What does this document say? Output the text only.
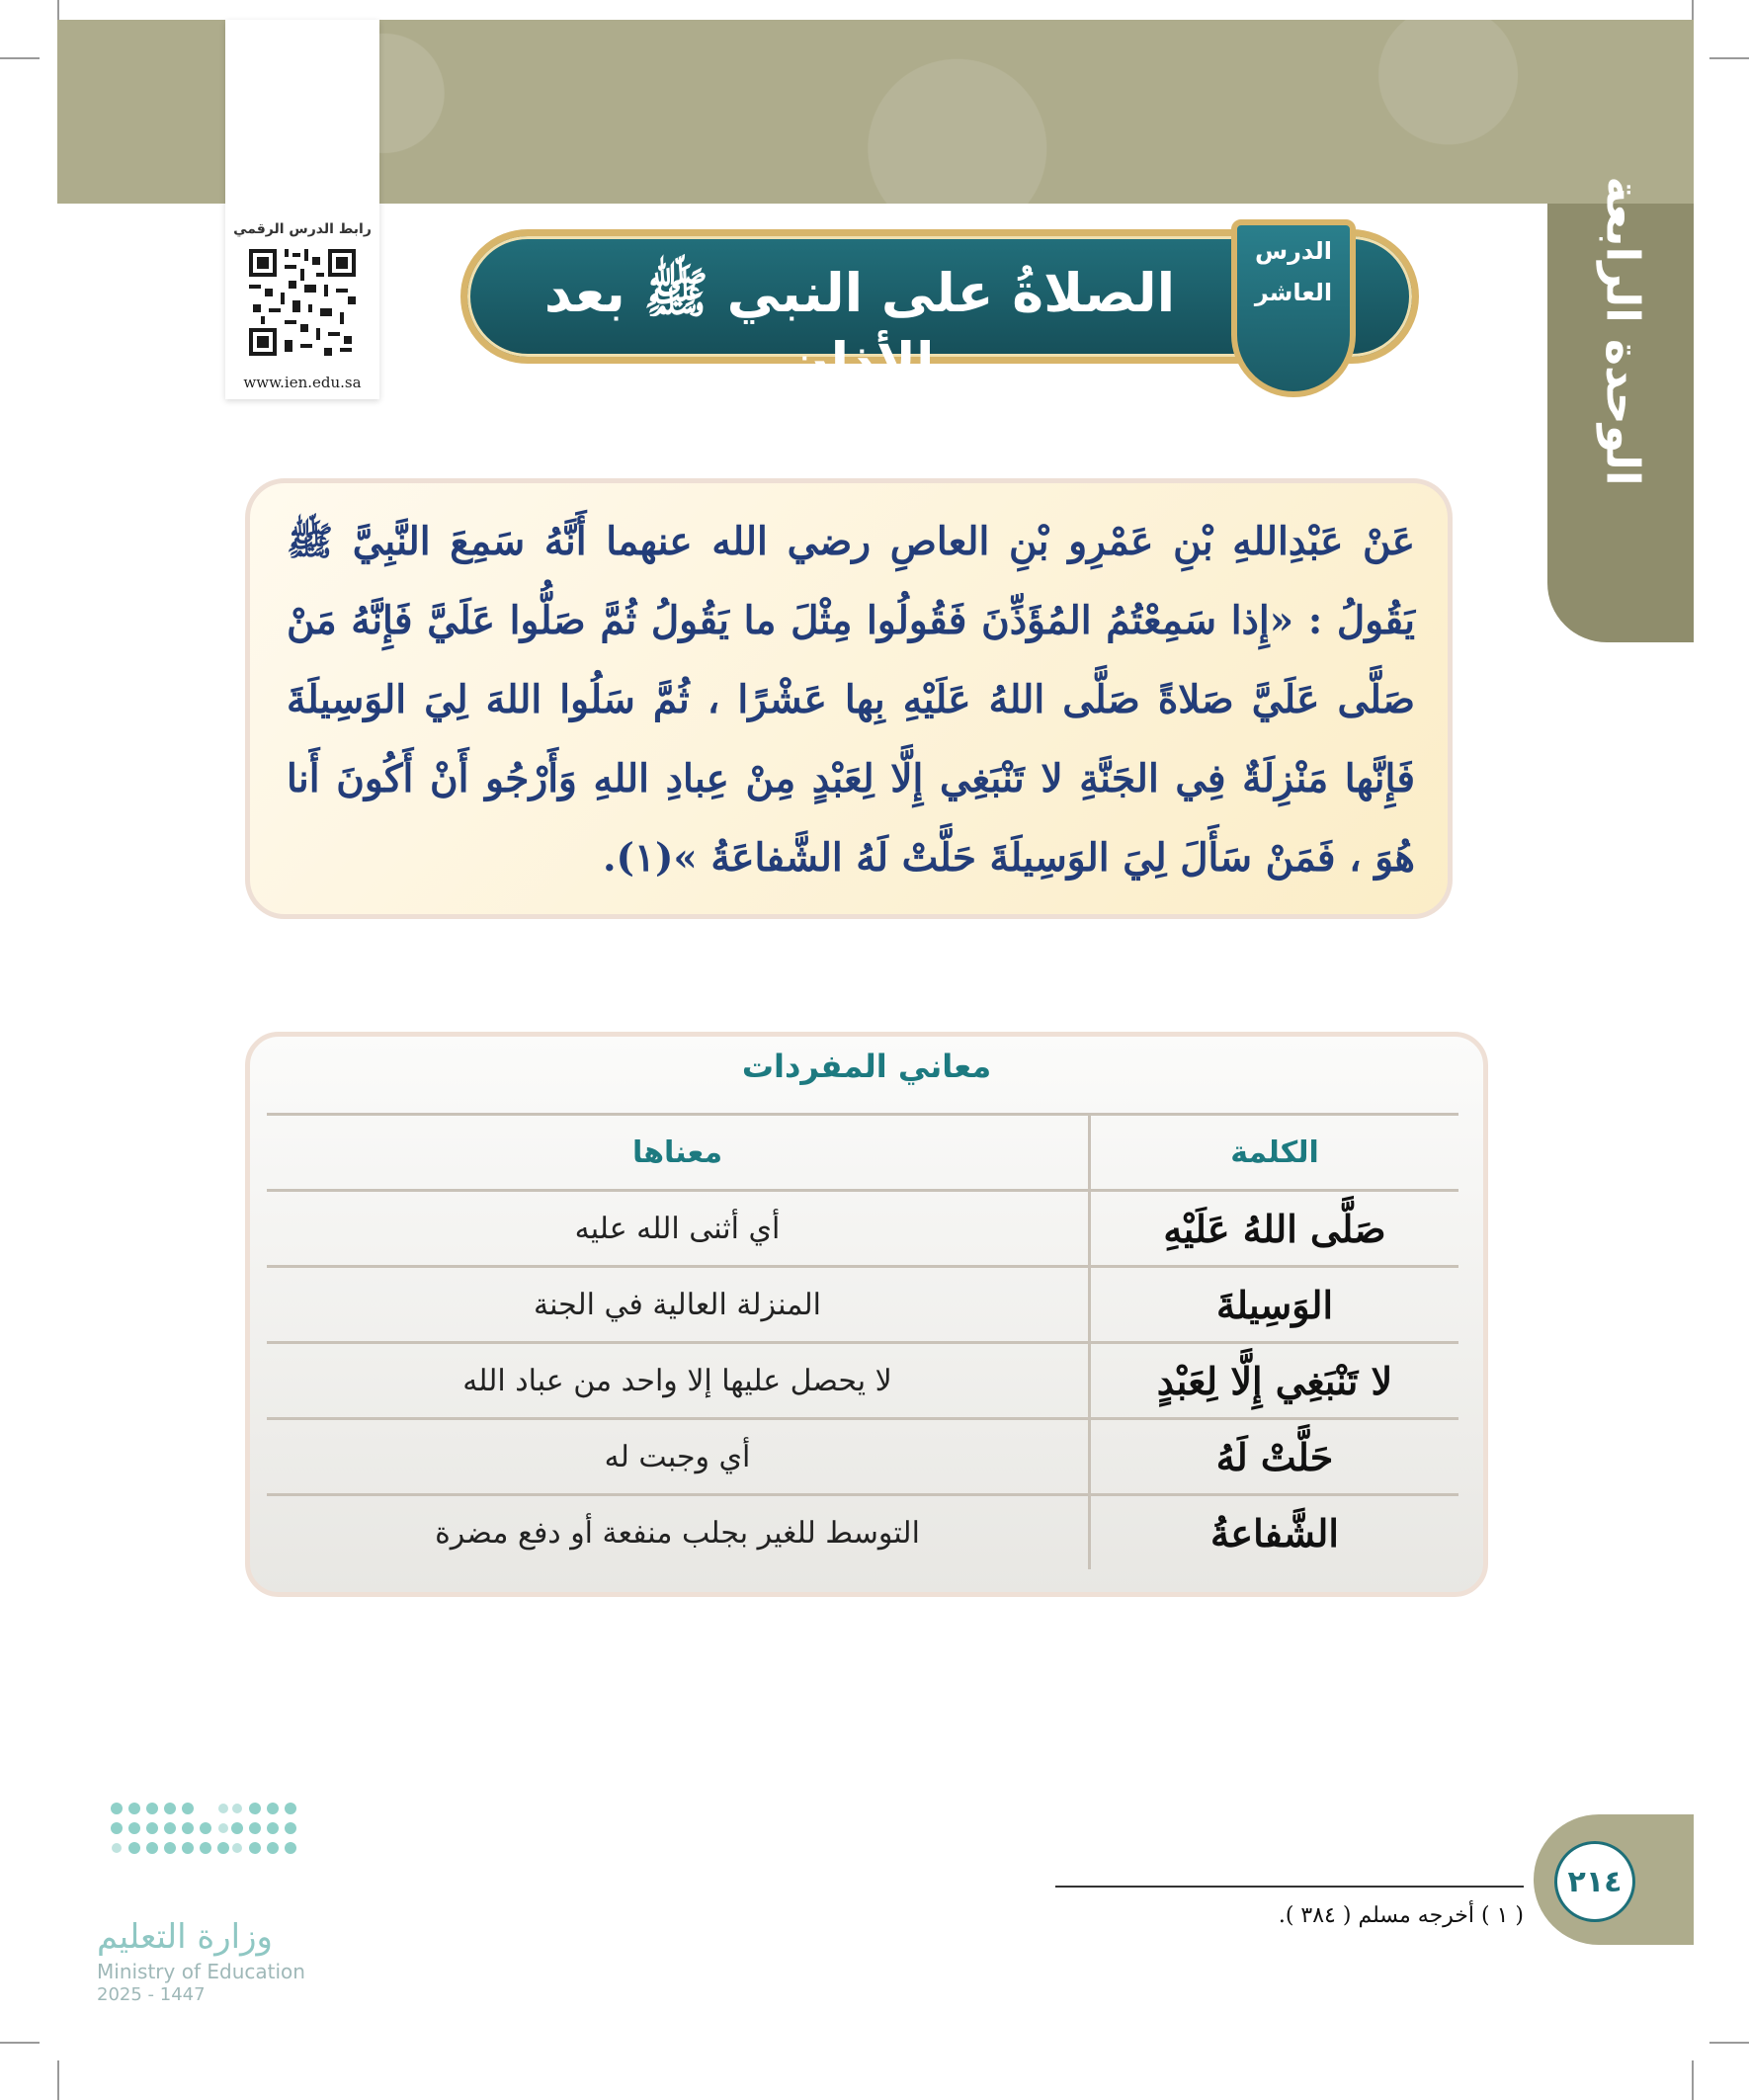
الوحدة الرابعة
رابط الدرس الرقمي
www.ien.edu.sa
الصلاةُ على النبي ﷺ بعد الأذان
الدرس
العاشر
عَنْ عَبْدِاللهِ بْنِ عَمْرِو بْنِ العاصِ رضي الله عنهما أَنَّهُ سَمِعَ النَّبِيَّ ﷺ يَقُولُ : «إِذا سَمِعْتُمُ المُؤَذِّنَ فَقُولُوا مِثْلَ ما يَقُولُ ثُمَّ صَلُّوا عَلَيَّ فَإِنَّهُ مَنْ صَلَّى عَلَيَّ صَلاةً صَلَّى اللهُ عَلَيْهِ بِها عَشْرًا ، ثُمَّ سَلُوا اللهَ لِيَ الوَسِيلَةَ فَإِنَّها مَنْزِلَةٌ فِي الجَنَّةِ لا تَنْبَغِي إِلَّا لِعَبْدٍ مِنْ عِبادِ اللهِ وَأَرْجُو أَنْ أَكُونَ أَنا هُوَ ، فَمَنْ سَأَلَ لِيَ الوَسِيلَةَ حَلَّتْ لَهُ الشَّفاعَةُ »(١).
معاني المفردات
الكلمة	معناها
صَلَّى اللهُ عَلَيْهِ	أي أثنى الله عليه
الوَسِيلةَ	المنزلة العالية في الجنة
لا تَنْبَغِي إِلَّا لِعَبْدٍ	لا يحصل عليها إلا واحد من عباد الله
حَلَّتْ لَهُ	أي وجبت له
الشَّفاعةُ	التوسط للغير بجلب منفعة أو دفع مضرة
( ١ ) أخرجه مسلم ( ٣٨٤ ).
٢١٤
وزارة التعليم
Ministry of Education
2025 - 1447
